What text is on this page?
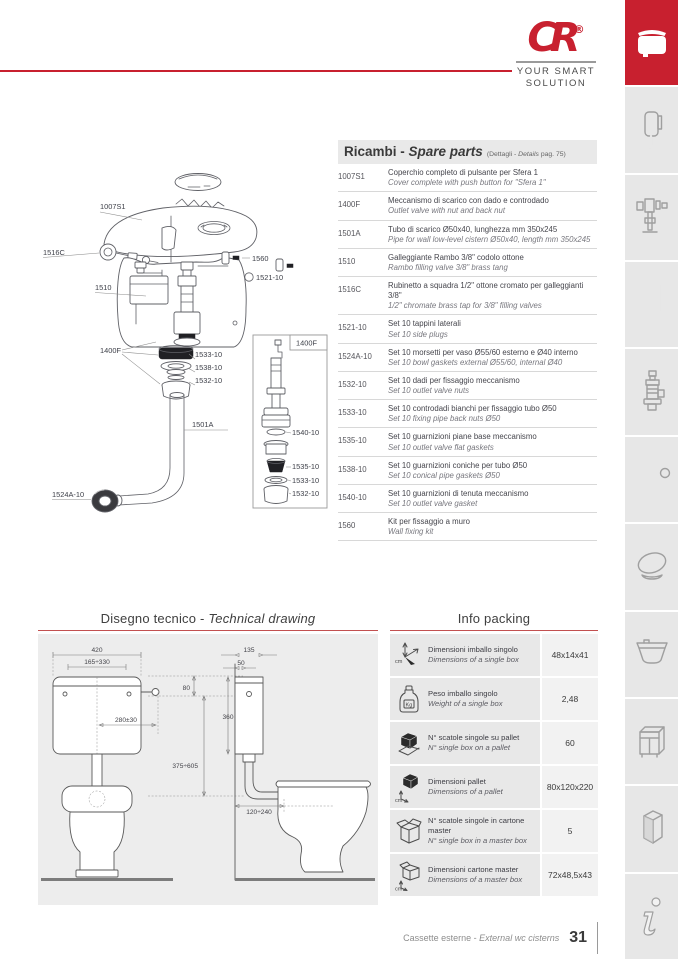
CR®
YOUR SMART
SOLUTION
1007S1
1516C
1510
1560
1521-10
1533-10
1538-10
1532-10
1400F
1501A
1524A-10
1400F
1540-10
1535-10
1533-10
1532-10
Ricambi - Spare parts (Dettagli - Details pag. 75)
1007S1	Coperchio completo di pulsante per Sfera 1
Cover complete with push button for "Sfera 1"
1400F	Meccanismo di scarico con dado e controdado
Outlet valve with nut and back nut
1501A	Tubo di scarico Ø50x40, lunghezza mm 350x245
Pipe for wall low-level cistern Ø50x40, length mm 350x245
1510	Galleggiante Rambo 3/8" codolo ottone
Rambo filling valve 3/8" brass tang
1516C	Rubinetto a squadra 1/2" ottone cromato per galleggianti 3/8"
1/2" chromate brass tap for 3/8" filling valves
1521-10	Set 10 tappini laterali
Set 10 side plugs
1524A-10	Set 10 morsetti per vaso Ø55/60 esterno e Ø40 interno
Set 10 bowl gaskets external Ø55/60, internal Ø40
1532-10	Set 10 dadi per fissaggio meccanismo
Set 10 outlet valve nuts
1533-10	Set 10 controdadi bianchi per fissaggio tubo Ø50
Set 10 fixing pipe back nuts Ø50
1535-10	Set 10 guarnizioni piane base meccanismo
Set 10 outlet valve flat gaskets
1538-10	Set 10 guarnizioni coniche per tubo Ø50
Set 10 conical pipe gaskets Ø50
1540-10	Set 10 guarnizioni di tenuta meccanismo
Set 10 outlet valve gasket
1560	Kit per fissaggio a muro
Wall fixing kit
Disegno tecnico - Technical drawing
420
165÷330
280±30
80
360
375÷605
135
50
120÷240
Info packing
cm
Dimensioni imballo singolo
Dimensions of a single box	48x14x41
Kg
Peso imballo singolo
Weight of a single box	2,48
N° scatole singole su pallet
N° single box on a pallet	60
cm
Dimensioni pallet
Dimensions of a pallet	80x120x220
N° scatole singole in cartone master
N° single box in a master box
5
cm
Dimensioni cartone master
Dimensions of a master box	72x48,5x43
Cassette esterne - External wc cisterns 31
